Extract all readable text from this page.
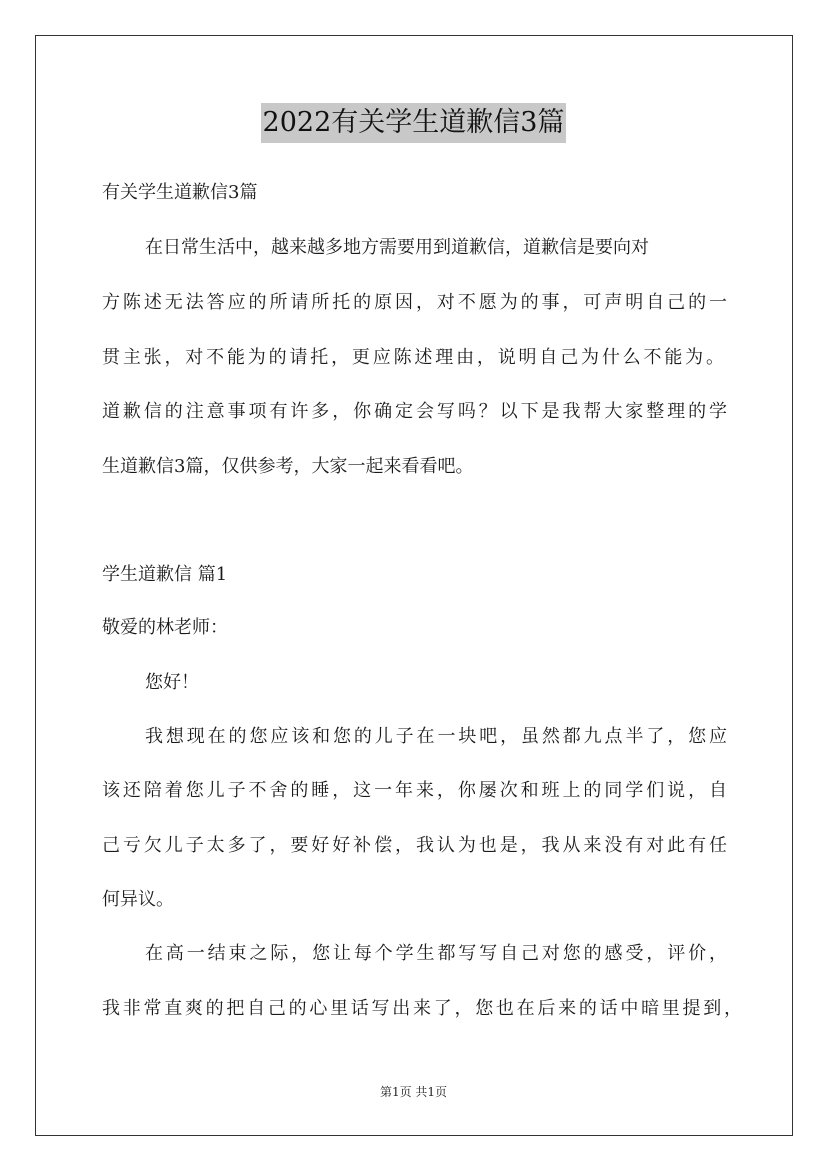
2022有关学生道歉信3篇
有关学生道歉信3篇
在日常生活中，越来越多地方需要用到道歉信，道歉信是要向对
方陈述无法答应的所请所托的原因，对不愿为的事，可声明自己的一
贯主张，对不能为的请托，更应陈述理由，说明自己为什么不能为。
道歉信的注意事项有许多，你确定会写吗？以下是我帮大家整理的学
生道歉信3篇，仅供参考，大家一起来看看吧。
学生道歉信 篇1
敬爱的林老师：
您好！
我想现在的您应该和您的儿子在一块吧，虽然都九点半了，您应
该还陪着您儿子不舍的睡，这一年来，你屡次和班上的同学们说，自
己亏欠儿子太多了，要好好补偿，我认为也是，我从来没有对此有任
何异议。
在高一结束之际，您让每个学生都写写自己对您的感受，评价，
我非常直爽的把自己的心里话写出来了，您也在后来的话中暗里提到，
第1页 共1页
